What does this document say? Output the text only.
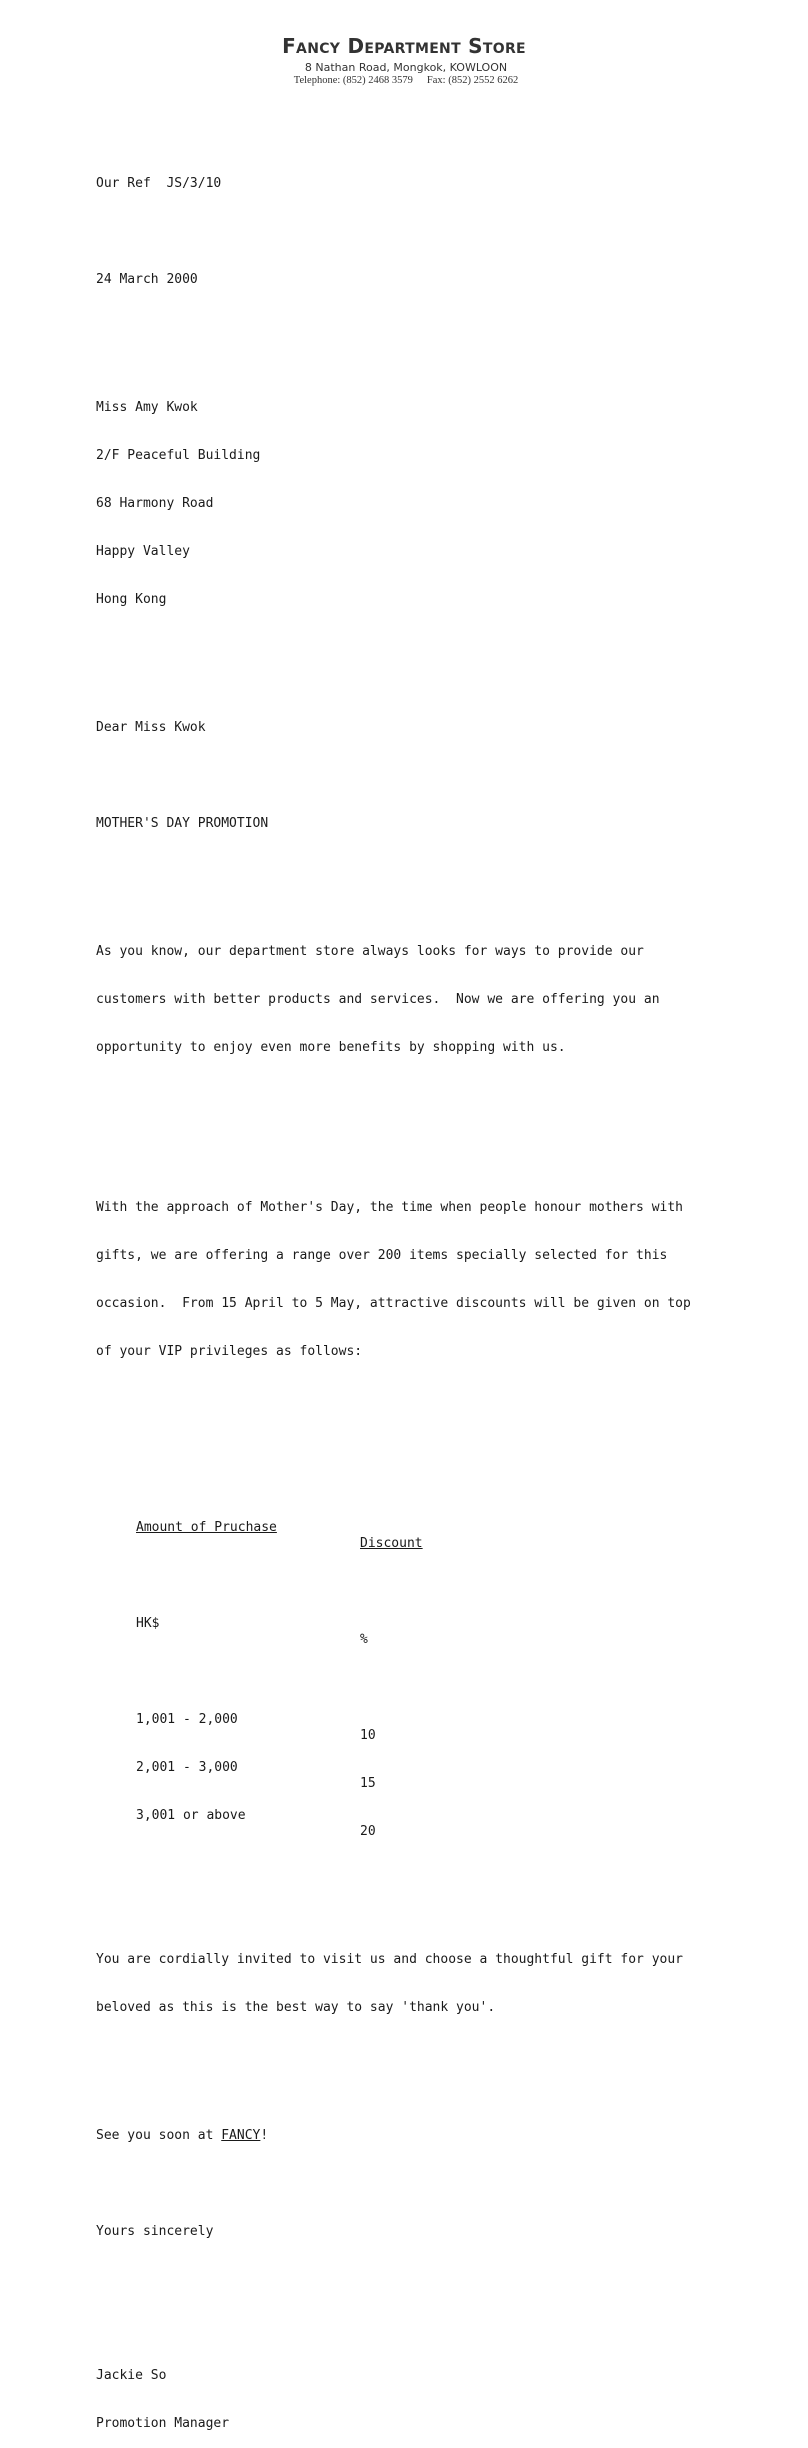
Fancy Department Store
8 Nathan Road, Mongkok, KOWLOON
Telephone: (852) 2468 3579 Fax: (852) 2552 6262

Our Ref  JS/3/10

24 March 2000

Miss Amy Kwok

2/F Peaceful Building

68 Harmony Road

Happy Valley

Hong Kong

Dear Miss Kwok

MOTHER'S DAY PROMOTION

As you know, our department store always looks for ways to provide our

customers with better products and services.  Now we are offering you an

opportunity to enjoy even more benefits by shopping with us.

With the approach of Mother's Day, the time when people honour mothers with

gifts, we are offering a range over 200 items specially selected for this

occasion.  From 15 April to 5 May, attractive discounts will be given on top

of your VIP privileges as follows:

Amount of Pruchase

Discount

HK$

%

1,001 - 2,000

10

2,001 - 3,000

15

3,001 or above

20

You are cordially invited to visit us and choose a thoughtful gift for your

beloved as this is the best way to say 'thank you'.

See you soon at FANCY!

Yours sincerely

Jackie So

Promotion Manager
